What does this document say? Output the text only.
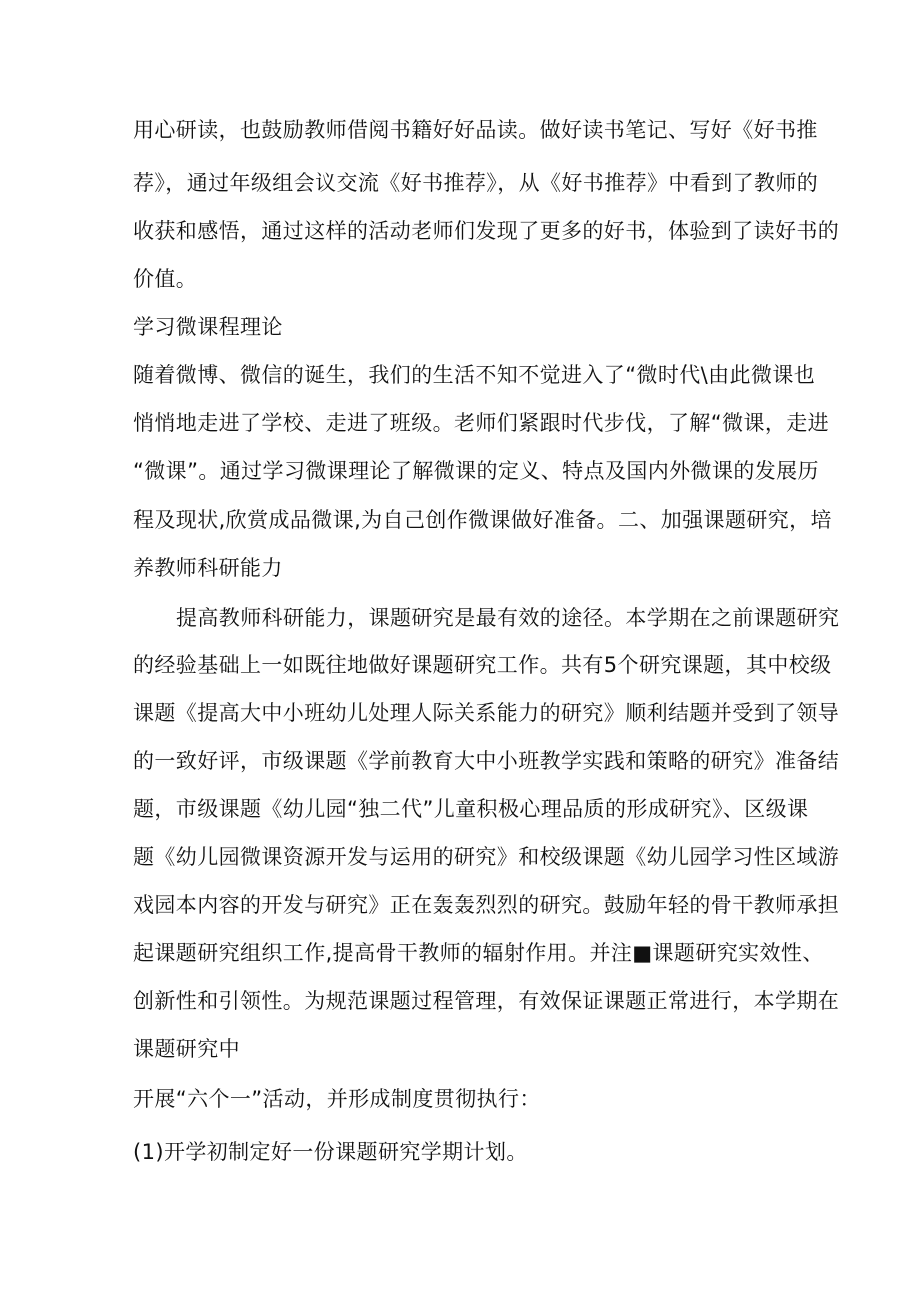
用心研读，也鼓励教师借阅书籍好好品读。做好读书笔记、写好《好书推
荐》，通过年级组会议交流《好书推荐》，从《好书推荐》中看到了教师的
收获和感悟，通过这样的活动老师们发现了更多的好书，体验到了读好书的
价值。
学习微课程理论
随着微博、微信的诞生，我们的生活不知不觉进入了“微时代\由此微课也
悄悄地走进了学校、走进了班级。老师们紧跟时代步伐，了解“微课，走进
“微课”。通过学习微课理论了解微课的定义、特点及国内外微课的发展历
程及现状,欣赏成品微课,为自己创作微课做好准备。二、加强课题研究，培
养教师科研能力
提高教师科研能力，课题研究是最有效的途径。本学期在之前课题研究
的经验基础上一如既往地做好课题研究工作。共有5个研究课题，其中校级
课题《提高大中小班幼儿处理人际关系能力的研究》顺利结题并受到了领导
的一致好评，市级课题《学前教育大中小班教学实践和策略的研究》准备结
题，市级课题《幼儿园“独二代”儿童积极心理品质的形成研究》、区级课
题《幼儿园微课资源开发与运用的研究》和校级课题《幼儿园学习性区域游
戏园本内容的开发与研究》正在轰轰烈烈的研究。鼓励年轻的骨干教师承担
起课题研究组织工作,提高骨干教师的辐射作用。并注■课题研究实效性、
创新性和引领性。为规范课题过程管理，有效保证课题正常进行，本学期在
课题研究中
开展“六个一”活动，并形成制度贯彻执行：
(1)开学初制定好一份课题研究学期计划。
